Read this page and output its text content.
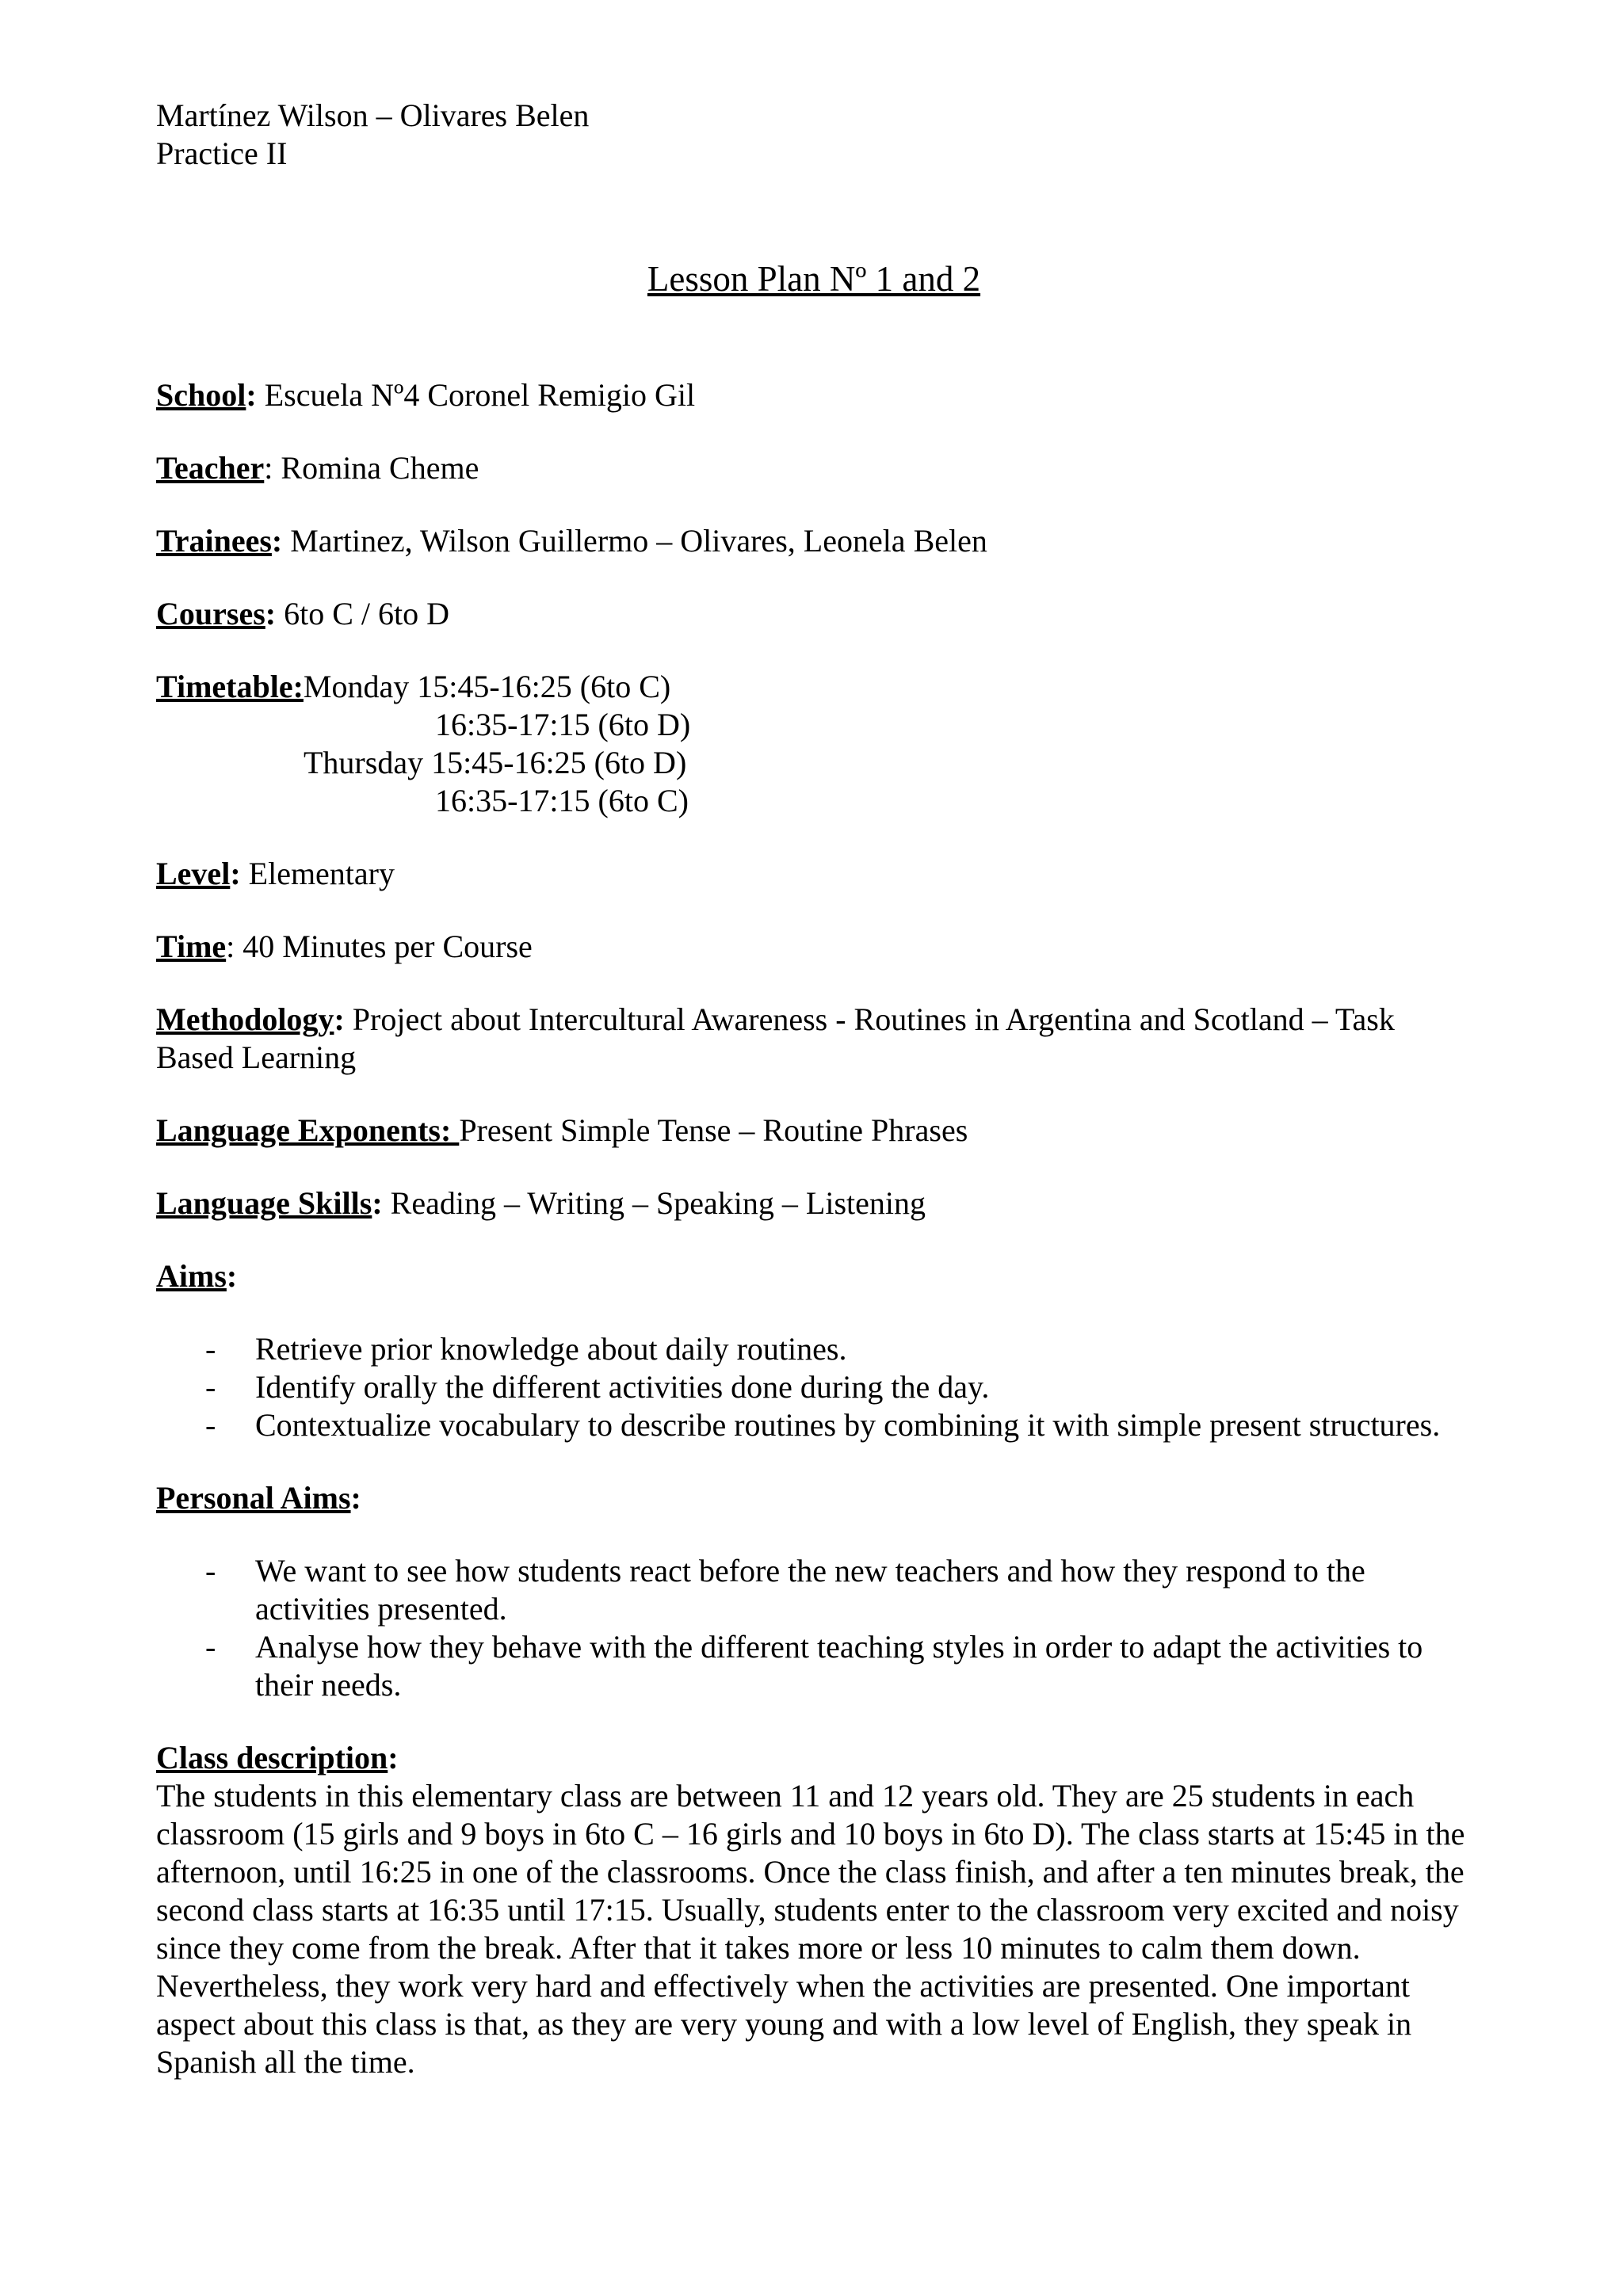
Martínez Wilson – Olivares Belen
Practice II
Lesson Plan Nº 1 and 2

School: Escuela Nº4 Coronel Remigio Gil

Teacher: Romina Cheme

Trainees: Martinez, Wilson Guillermo – Olivares, Leonela Belen

Courses: 6to C / 6to D

Timetable: Monday 15:45-16:25 (6to C)
16:35-17:15 (6to D)
Thursday 15:45-16:25 (6to D)
16:35-17:15 (6to C)

Level: Elementary

Time: 40 Minutes per Course

Methodology: Project about Intercultural Awareness - Routines in Argentina and Scotland – Task Based Learning

Language Exponents: Present Simple Tense – Routine Phrases

Language Skills: Reading – Writing – Speaking – Listening

Aims:

- Retrieve prior knowledge about daily routines.
- Identify orally the different activities done during the day.
- Contextualize vocabulary to describe routines by combining it with simple present structures.

Personal Aims:

- We want to see how students react before the new teachers and how they respond to the activities presented.
- Analyse how they behave with the different teaching styles in order to adapt the activities to their needs.

Class description:

The students in this elementary class are between 11 and 12 years old. They are 25 students in each classroom (15 girls and 9 boys in 6to C – 16 girls and 10 boys in 6to D). The class starts at 15:45 in the afternoon, until 16:25 in one of the classrooms. Once the class finish, and after a ten minutes break, the second class starts at 16:35 until 17:15. Usually, students enter to the classroom very excited and noisy since they come from the break. After that it takes more or less 10 minutes to calm them down. Nevertheless, they work very hard and effectively when the activities are presented. One important aspect about this class is that, as they are very young and with a low level of English, they speak in Spanish all the time.
